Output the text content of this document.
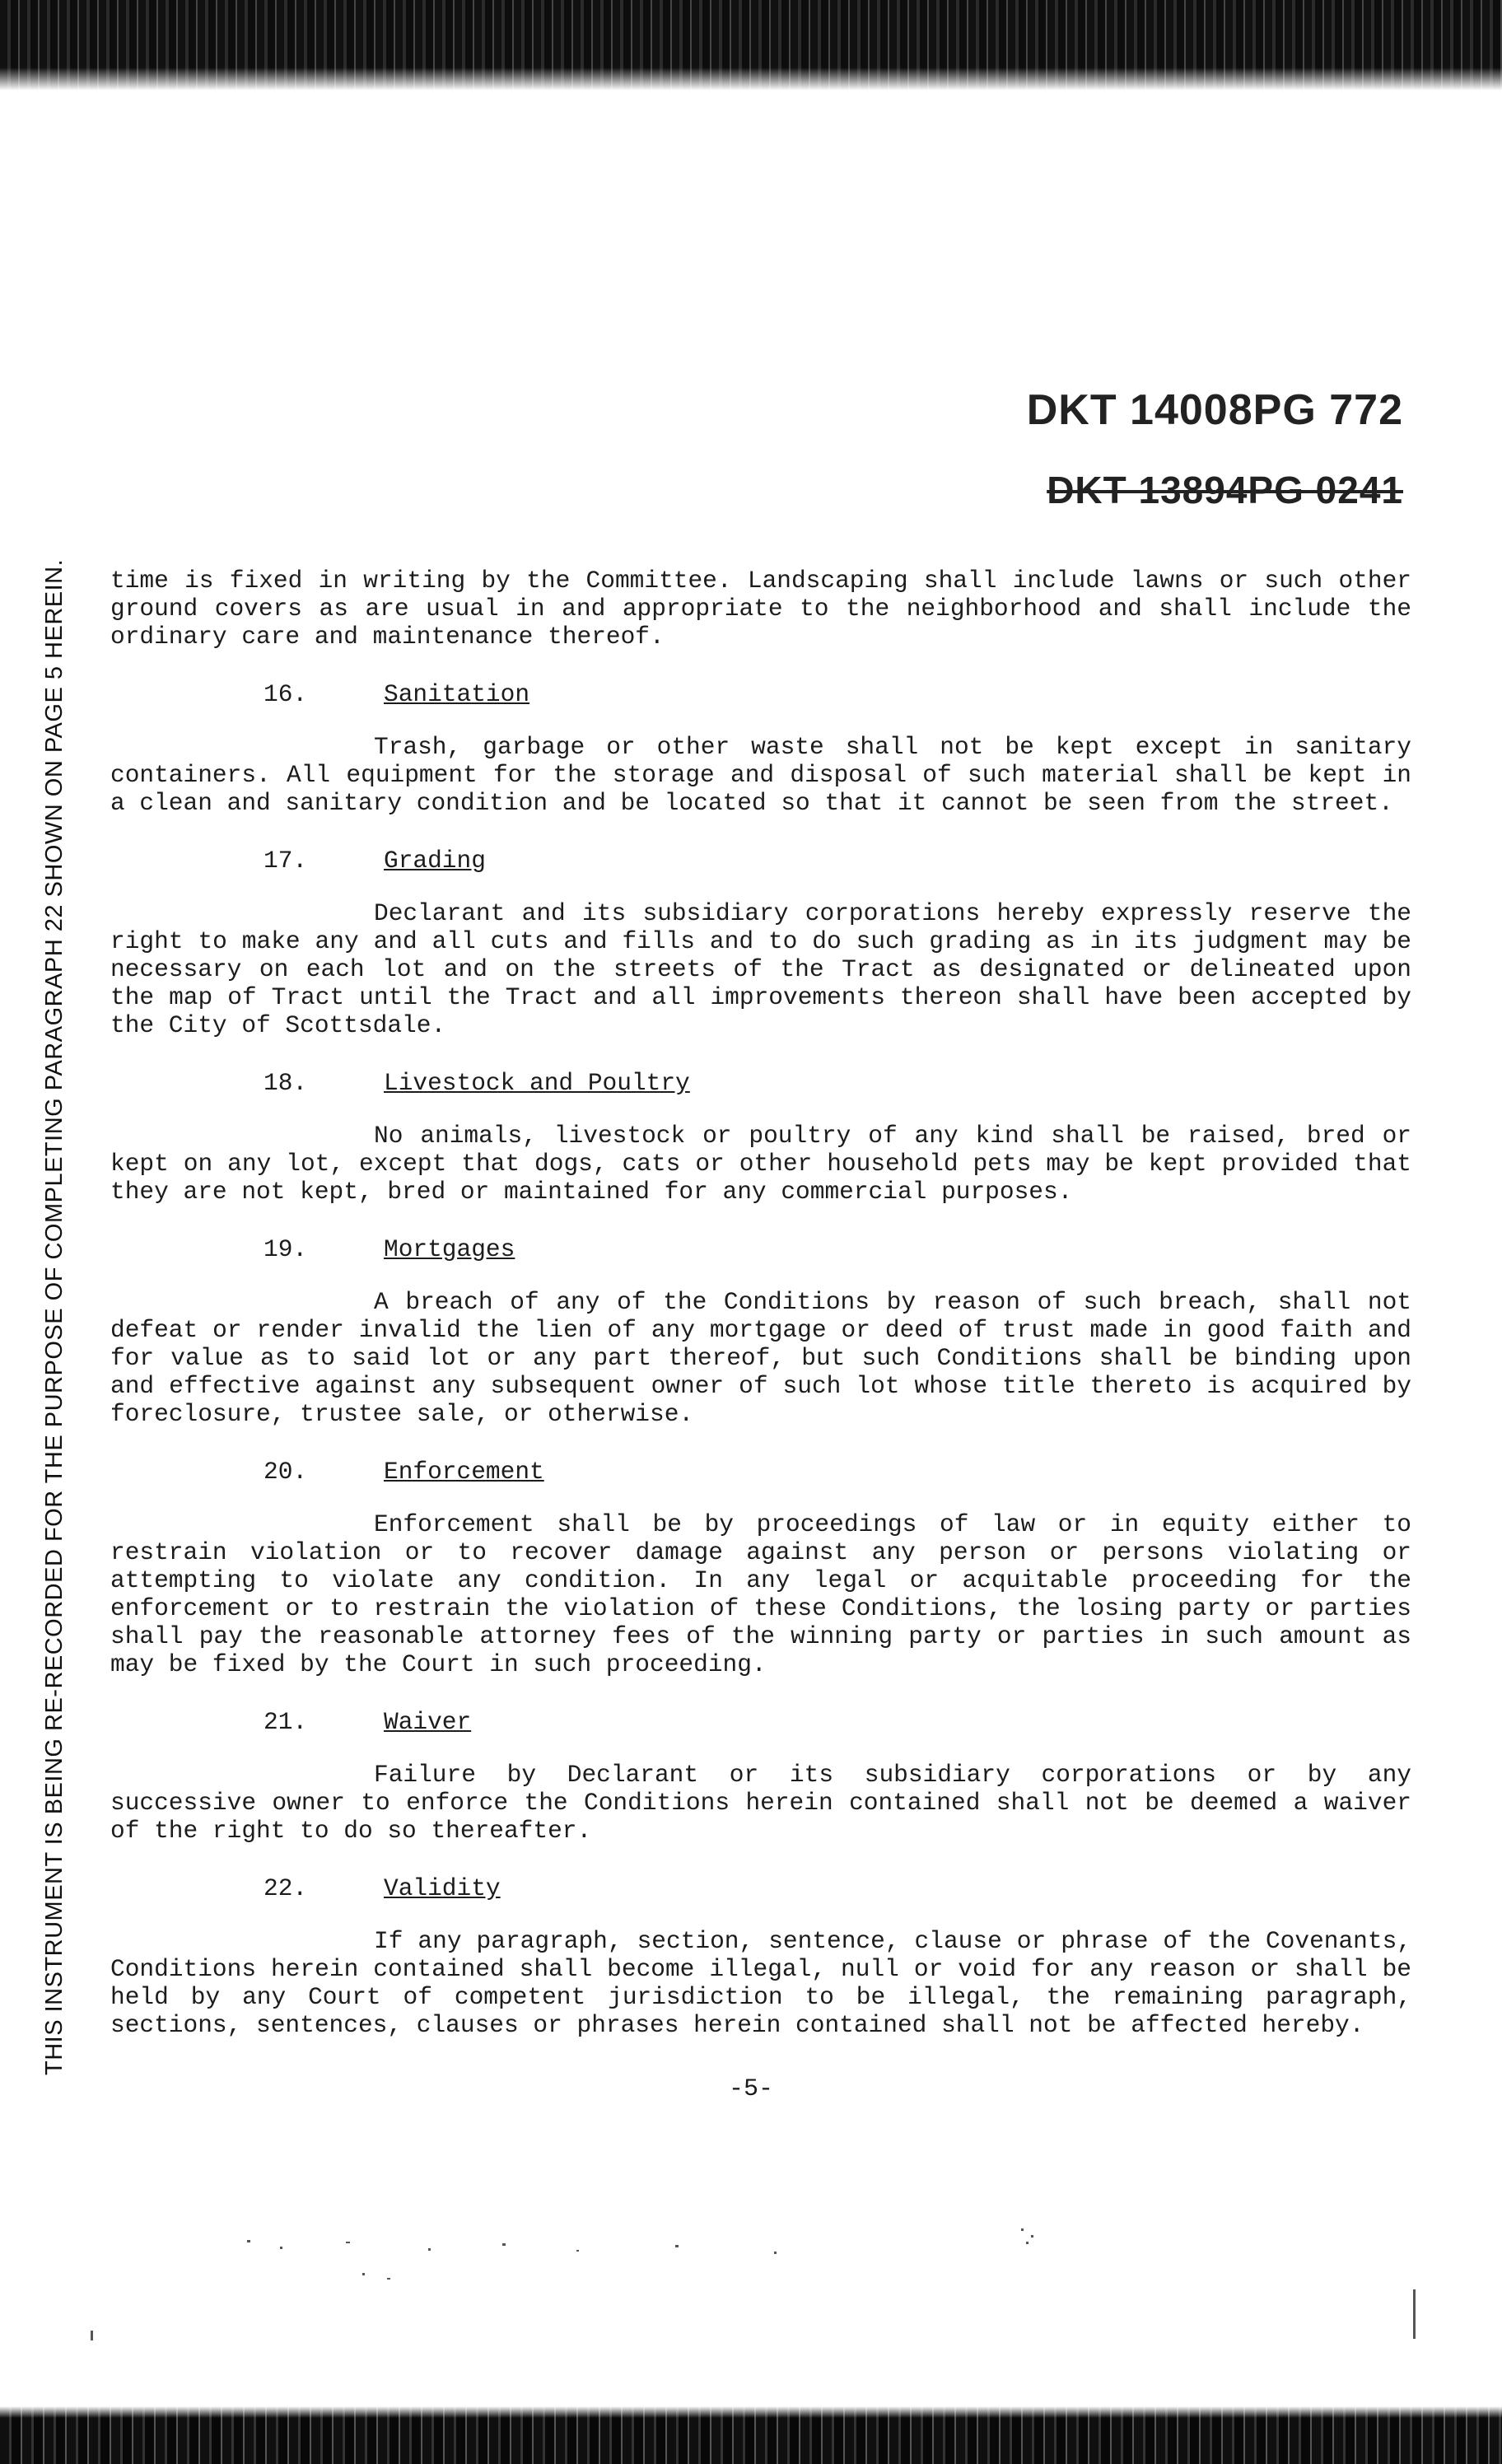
DKT 14008PG 772
DKT 13894PG 0241
THIS INSTRUMENT IS BEING RE-RECORDED FOR THE PURPOSE OF COMPLETING PARAGRAPH 22 SHOWN ON PAGE 5 HEREIN. time is fixed in writing by the Committee. Landscaping shall include lawns or such other ground covers as are usual in and appropriate to the neighborhood and shall include the ordinary care and maintenance thereof.

16.	Sanitation

Trash, garbage or other waste shall not be kept except in sanitary containers. All equipment for the storage and disposal of such material shall be kept in a clean and sanitary condition and be located so that it cannot be seen from the street.

17.	Grading

Declarant and its subsidiary corporations hereby expressly reserve the right to make any and all cuts and fills and to do such grading as in its judgment may be necessary on each lot and on the streets of the Tract as designated or delineated upon the map of Tract until the Tract and all improvements thereon shall have been accepted by the City of Scottsdale.

18.	Livestock and Poultry

No animals, livestock or poultry of any kind shall be raised, bred or kept on any lot, except that dogs, cats or other household pets may be kept provided that they are not kept, bred or maintained for any commercial purposes.

19.	Mortgages

A breach of any of the Conditions by reason of such breach, shall not defeat or render invalid the lien of any mortgage or deed of trust made in good faith and for value as to said lot or any part thereof, but such Conditions shall be binding upon and effective against any subsequent owner of such lot whose title thereto is acquired by foreclosure, trustee sale, or otherwise.

20.	Enforcement

Enforcement shall be by proceedings of law or in equity either to restrain violation or to recover damage against any person or persons violating or attempting to violate any condition. In any legal or acquitable proceeding for the enforcement or to restrain the violation of these Conditions, the losing party or parties shall pay the reasonable attorney fees of the winning party or parties in such amount as may be fixed by the Court in such proceeding.

21.	Waiver

Failure by Declarant or its subsidiary corporations or by any successive owner to enforce the Conditions herein contained shall not be deemed a waiver of the right to do so thereafter.

22.	Validity

If any paragraph, section, sentence, clause or phrase of the Covenants, Conditions herein contained shall become illegal, null or void for any reason or shall be held by any Court of competent jurisdiction to be illegal, the remaining paragraph, sections, sentences, clauses or phrases herein contained shall not be affected hereby.

-5-
